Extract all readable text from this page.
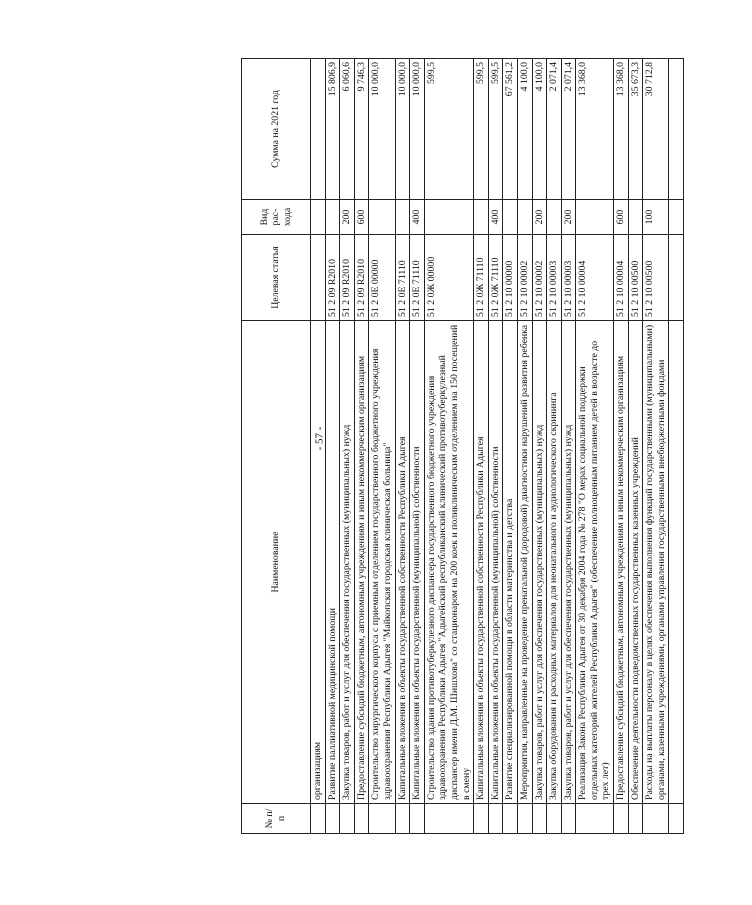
- 57 -
№ п/п	Наименование	Целевая статья	Вид рас-хода	Сумма на 2021 год
	организациям			
	Развитие паллиативной медицинской помощи	51 2 09 R2010		15 806,9
	Закупка товаров, работ и услуг для обеспечения государственных (муниципальных) нужд	51 2 09 R2010	200	6 060,6
	Предоставление субсидий бюджетным, автономным учреждениям и иным некоммерческим организациям	51 2 09 R2010	600	9 746,3
	Строительство хирургического корпуса с приемным отделением государственного бюджетного учреждения здравоохранения Республики Адыгея "Майкопская городская клиническая больница"	51 2 0Е 00000		10 000,0
	Капитальные вложения в объекты государственной собственности Республики Адыгея	51 2 0Е 71110		10 000,0
	Капитальные вложения в объекты государственной (муниципальной) собственности	51 2 0Е 71110	400	10 000,0
	Строительство здания противотуберкулезного диспансера государственного бюджетного учреждения здравоохранения Республики Адыгея "Адыгейский республиканский клинический противотуберкулезный диспансер имени Д.М. Шишхова" со стационаром на 200 коек и поликлиническим отделением на 150 посещений в смену	51 2 0Ж 00000		599,5
	Капитальные вложения в объекты государственной собственности Республики Адыгея	51 2 0Ж 71110		599,5
	Капитальные вложения в объекты государственной (муниципальной) собственности	51 2 0Ж 71110	400	599,5
	Развитие специализированной помощи в области материнства и детства	51 2 10 00000		67 561,2
	Мероприятия, направленные на проведение пренатальной (дородовой) диагностики нарушений развития ребенка	51 2 10 00002		4 100,0
	Закупка товаров, работ и услуг для обеспечения государственных (муниципальных) нужд	51 2 10 00002	200	4 100,0
	Закупка оборудования и расходных материалов для неонатального и аудиологического скрининга	51 2 10 00003		2 071,4
	Закупка товаров, работ и услуг для обеспечения государственных (муниципальных) нужд	51 2 10 00003	200	2 071,4
	Реализация Закона Республики Адыгея от 30 декабря 2004 года № 278 "О мерах социальной поддержки отдельных категорий жителей Республики Адыгея" (обеспечение полноценным питанием детей в возрасте до трех лет)	51 2 10 00004		13 368,0
	Предоставление субсидий бюджетным, автономным учреждениям и иным некоммерческим организациям	51 2 10 00004	600	13 368,0
	Обеспечение деятельности подведомственных государственных казенных учреждений	51 2 10 00500		35 673,3
	Расходы на выплаты персоналу в целях обеспечения выполнения функций государственными (муниципальными) органами, казенными учреждениями, органами управления государственными внебюджетными фондами	51 2 10 00500	100	30 712,8
